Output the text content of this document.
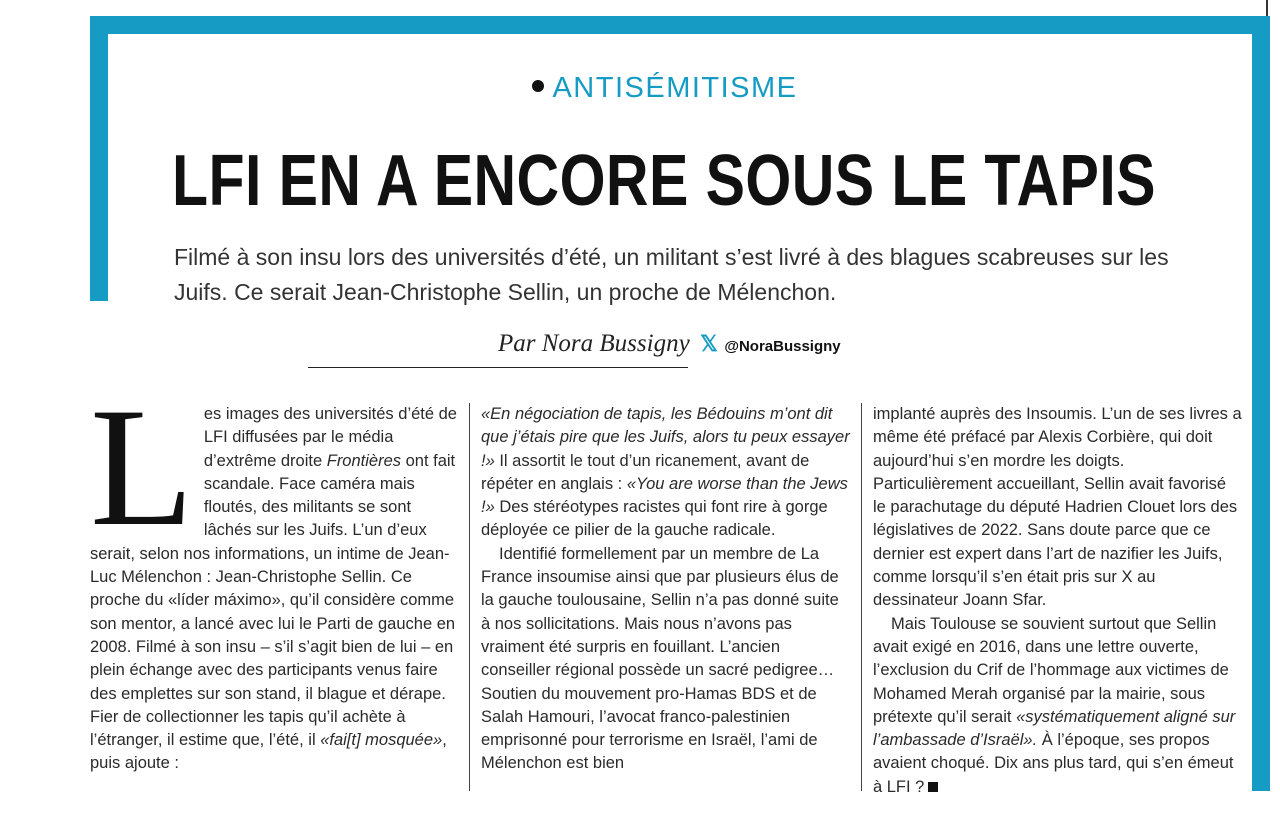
ANTISÉMITISME
LFI EN A ENCORE SOUS LE TAPIS

Filmé à son insu lors des universités d’été, un militant s’est livré à des blagues scabreuses sur les Juifs. Ce serait Jean-Christophe Sellin, un proche de Mélenchon.

Par Nora Bussigny 𝕏 @NoraBussigny

Les images des universités d’été de LFI diffusées par le média d’extrême droite Frontières ont fait scandale. Face caméra mais floutés, des militants se sont lâchés sur les Juifs. L’un d’eux serait, selon nos informations, un intime de Jean-Luc Mélenchon : Jean-Christophe Sellin. Ce proche du «líder máximo», qu’il considère comme son mentor, a lancé avec lui le Parti de gauche en 2008. Filmé à son insu – s’il s’agit bien de lui – en plein échange avec des participants venus faire des emplettes sur son stand, il blague et dérape. Fier de collectionner les tapis qu’il achète à l’étranger, il estime que, l’été, il «fai[t] mosquée», puis ajoute :

«En négociation de tapis, les Bédouins m’ont dit que j’étais pire que les Juifs, alors tu peux essayer !» Il assortit le tout d’un ricanement, avant de répéter en anglais : «You are worse than the Jews !» Des stéréotypes racistes qui font rire à gorge déployée ce pilier de la gauche radicale.

Identifié formellement par un membre de La France insoumise ainsi que par plusieurs élus de la gauche toulousaine, Sellin n’a pas donné suite à nos sollicitations. Mais nous n’avons pas vraiment été surpris en fouillant. L’ancien conseiller régional possède un sacré pedigree… Soutien du mouvement pro-Hamas BDS et de Salah Hamouri, l’avocat franco-palestinien emprisonné pour terrorisme en Israël, l’ami de Mélenchon est bien

implanté auprès des Insoumis. L’un de ses livres a même été préfacé par Alexis Corbière, qui doit aujourd’hui s’en mordre les doigts. Particulièrement accueillant, Sellin avait favorisé le parachutage du député Hadrien Clouet lors des législatives de 2022. Sans doute parce que ce dernier est expert dans l’art de nazifier les Juifs, comme lorsqu’il s’en était pris sur X au dessinateur Joann Sfar.

Mais Toulouse se souvient surtout que Sellin avait exigé en 2016, dans une lettre ouverte, l’exclusion du Crif de l’hommage aux victimes de Mohamed Merah organisé par la mairie, sous prétexte qu’il serait «systématiquement aligné sur l’ambassade d’Israël». À l’époque, ses propos avaient choqué. Dix ans plus tard, qui s’en émeut à LFI ?
